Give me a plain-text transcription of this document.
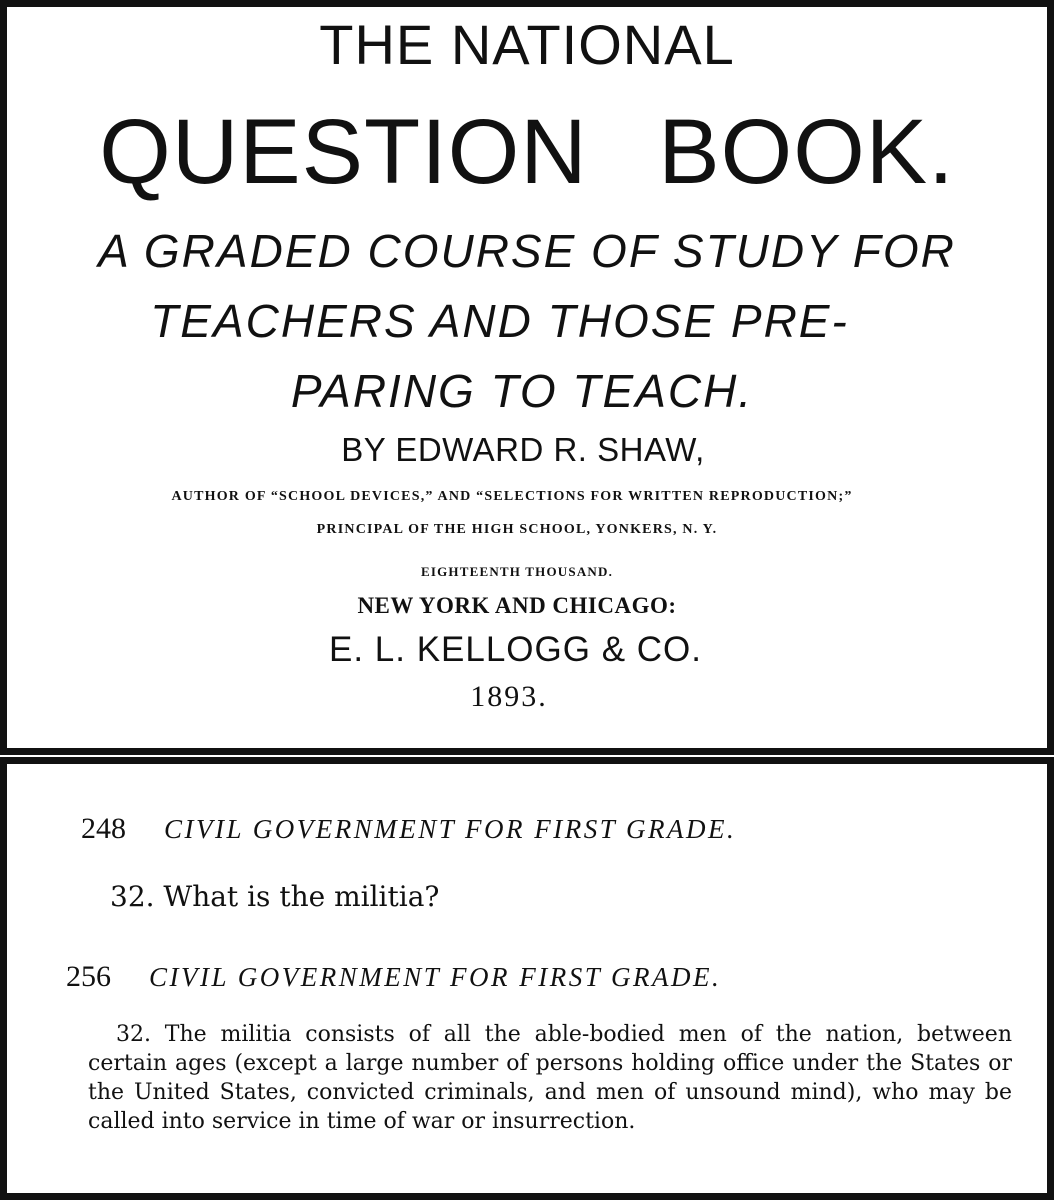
THE NATIONAL
QUESTION BOOK.
A GRADED COURSE OF STUDY FOR
TEACHERS AND THOSE PRE-
PARING TO TEACH.
BY EDWARD R. SHAW,
AUTHOR OF “SCHOOL DEVICES,” AND “SELECTIONS FOR WRITTEN REPRODUCTION;”
PRINCIPAL OF THE HIGH SCHOOL, YONKERS, N. Y.
EIGHTEENTH THOUSAND.
NEW YORK AND CHICAGO:
E. L. KELLOGG & CO.
1893.
248 CIVIL GOVERNMENT FOR FIRST GRADE.
32. What is the militia?
256 CIVIL GOVERNMENT FOR FIRST GRADE.
32. The militia consists of all the able-bodied men of the nation, between certain ages (except a large number of persons holding office under the States or the United States, convicted criminals, and men of unsound mind), who may be called into service in time of war or insurrection.
